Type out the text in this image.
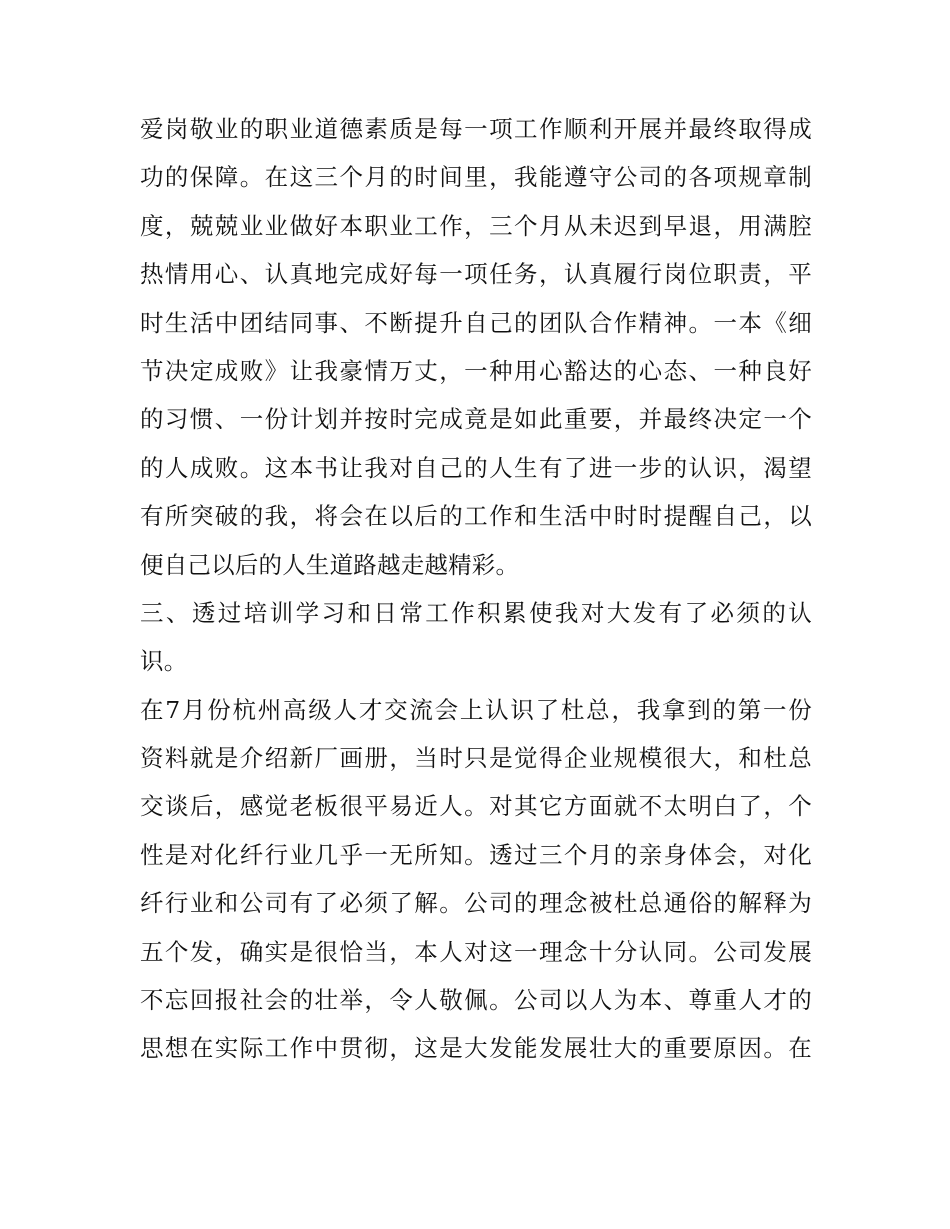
爱岗敬业的职业道德素质是每一项工作顺利开展并最终取得成
功的保障。在这三个月的时间里，我能遵守公司的各项规章制
度，兢兢业业做好本职业工作，三个月从未迟到早退，用满腔
热情用心、认真地完成好每一项任务，认真履行岗位职责，平
时生活中团结同事、不断提升自己的团队合作精神。一本《细
节决定成败》让我豪情万丈，一种用心豁达的心态、一种良好
的习惯、一份计划并按时完成竟是如此重要，并最终决定一个
的人成败。这本书让我对自己的人生有了进一步的认识，渴望
有所突破的我，将会在以后的工作和生活中时时提醒自己，以
便自己以后的人生道路越走越精彩。
三、透过培训学习和日常工作积累使我对大发有了必须的认
识。
在7月份杭州高级人才交流会上认识了杜总，我拿到的第一份
资料就是介绍新厂画册，当时只是觉得企业规模很大，和杜总
交谈后，感觉老板很平易近人。对其它方面就不太明白了，个
性是对化纤行业几乎一无所知。透过三个月的亲身体会，对化
纤行业和公司有了必须了解。公司的理念被杜总通俗的解释为
五个发，确实是很恰当，本人对这一理念十分认同。公司发展
不忘回报社会的壮举，令人敬佩。公司以人为本、尊重人才的
思想在实际工作中贯彻，这是大发能发展壮大的重要原因。在
